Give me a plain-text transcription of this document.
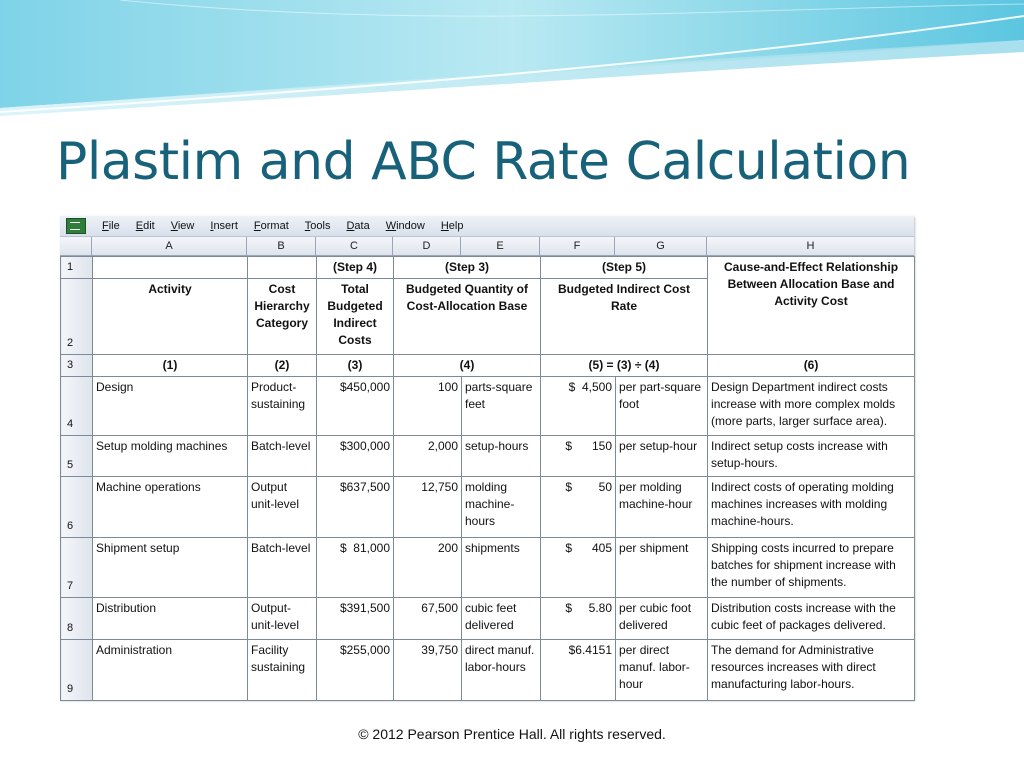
Plastim and ABC Rate Calculation
File	Edit	View	Insert	Format	Tools	Data	Window	Help
A	B	C	D	E	F	G	H
1			(Step 4)	(Step 3)		(Step 5)		Cause-and-Effect Relationship Between Allocation Base and Activity Cost
2	Activity	Cost Hierarchy Category	Total Budgeted Indirect Costs	Budgeted Quantity of Cost-Allocation Base		Budgeted Indirect Cost Rate		
3	(1)	(2)	(3)	(4)		(5) = (3) ÷ (4)		(6)
4	Design	Product-sustaining	$450,000	100	parts-square feet	$  4,500	per part-square foot	Design Department indirect costs increase with more complex molds (more parts, larger surface area).
5	Setup molding machines	Batch-level	$300,000	2,000	setup-hours	$      150	per setup-hour	Indirect setup costs increase with setup-hours.
6	Machine operations	Output unit-level	$637,500	12,750	molding machine-hours	$        50	per molding machine-hour	Indirect costs of operating molding machines increases with molding machine-hours.
7	Shipment setup	Batch-level	$  81,000	200	shipments	$      405	per shipment	Shipping costs incurred to prepare batches for shipment increase with the number of shipments.
8	Distribution	Output-unit-level	$391,500	67,500	cubic feet delivered	$     5.80	per cubic foot delivered	Distribution costs increase with the cubic feet of packages delivered.
9	Administration	Facility sustaining	$255,000	39,750	direct manuf. labor-hours	$6.4151	per direct manuf. labor-hour	The demand for Administrative resources increases with direct manufacturing labor-hours.
© 2012 Pearson Prentice Hall. All rights reserved.
